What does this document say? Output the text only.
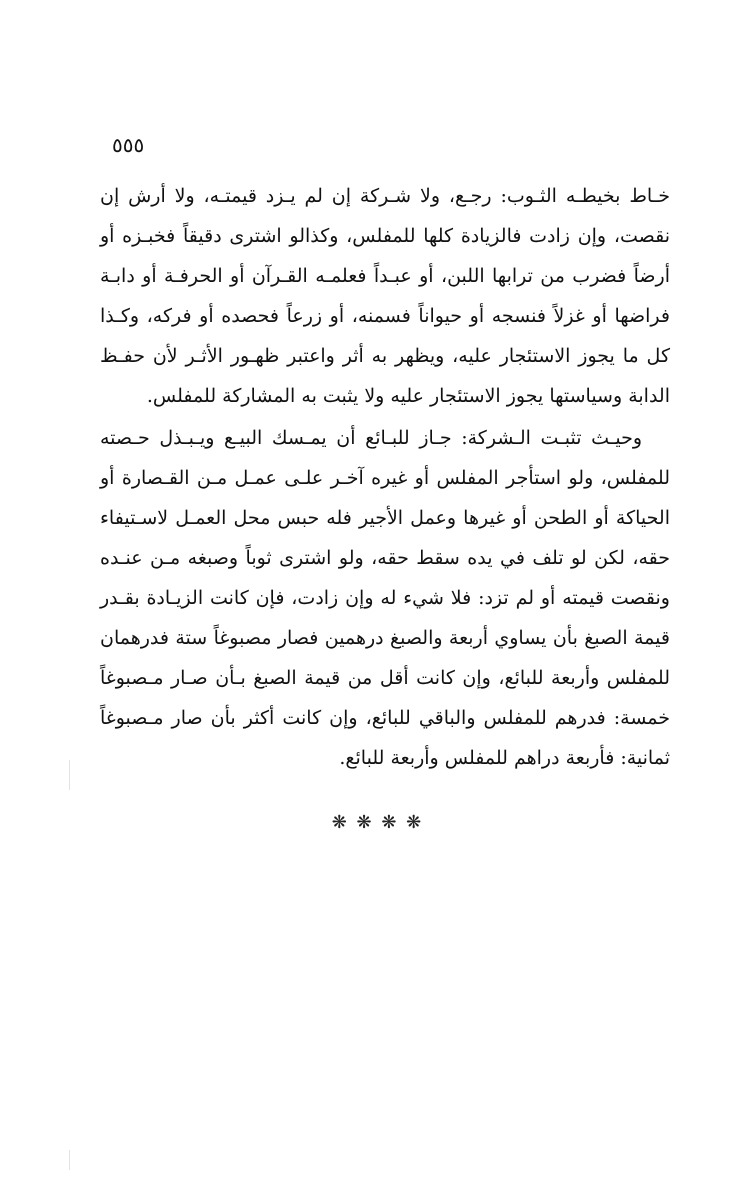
٥٥٥
خـاط بخيطـه الثـوب: رجـع، ولا شـركة إن لم يـزد قيمتـه، ولا أرش إن
نقصت، وإن زادت فالزيادة كلها للمفلس، وكذالو اشترى دقيقاً فخبـزه أو
أرضاً فضرب من ترابها اللبن، أو عبـداً فعلمـه القـرآن أو الحرفـة أو دابـة
فراضها أو غزلاً فنسجه أو حيواناً فسمنه، أو زرعاً فحصده أو فركه، وكـذا
كل ما يجوز الاستئجار عليه، ويظهر به أثر واعتبر ظهـور الأثـر لأن حفـظ
الدابة وسياستها يجوز الاستئجار عليه ولا يثبت به المشاركة للمفلس.
وحيـث تثبـت الـشركة: جـاز للبـائع أن يمـسك البيـع ويـبـذل حـصته
للمفلس، ولو استأجر المفلس أو غيره آخـر علـى عمـل مـن القـصارة أو
الحياكة أو الطحن أو غيرها وعمل الأجير فله حبس محل العمـل لاسـتيفاء
حقه، لكن لو تلف في يده سقط حقه، ولو اشترى ثوباً وصبغه مـن عنـده
ونقصت قيمته أو لم تزد: فلا شيء له وإن زادت، فإن كانت الزيـادة بقـدر
قيمة الصبغ بأن يساوي أربعة والصبغ درهمين فصار مصبوغاً ستة فدرهمان
للمفلس وأربعة للبائع، وإن كانت أقل من قيمة الصبغ بـأن صـار مـصبوغاً
خمسة: فدرهم للمفلس والباقي للبائع، وإن كانت أكثر بأن صار مـصبوغاً
ثمانية: فأربعة دراهم للمفلس وأربعة للبائع.
❋ ❋ ❋ ❋
